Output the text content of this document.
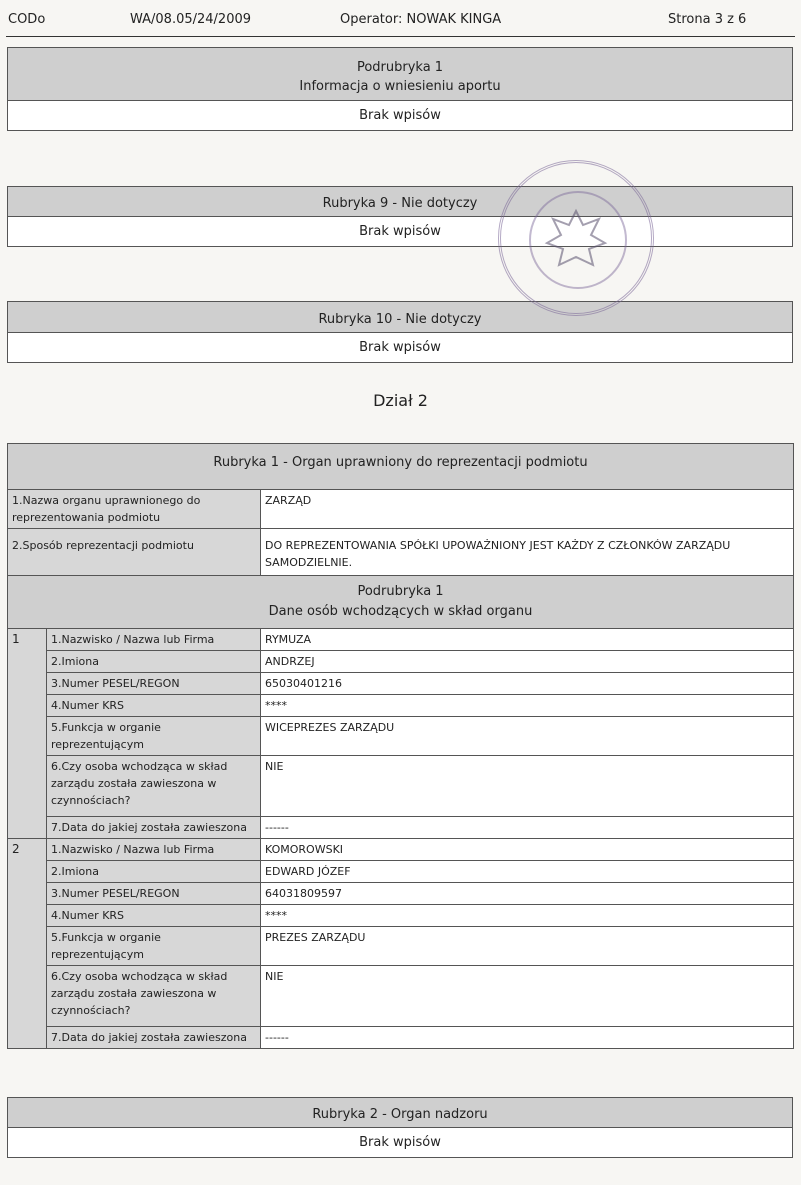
CODo	WA/08.05/24/2009	Operator: NOWAK KINGA	Strona 3 z 6
Podrubryka 1
Informacja o wniesieniu aportu
Brak wpisów
Rubryka 9 - Nie dotyczy
Brak wpisów
Rubryka 10 - Nie dotyczy
Brak wpisów
Dział 2
Rubryka 1 - Organ uprawniony do reprezentacji podmiotu		
1.Nazwa organu uprawnionego do reprezentowania podmiotu		ZARZĄD
2.Sposób reprezentacji podmiotu		DO REPREZENTOWANIA SPÓŁKI UPOWAŻNIONY JEST KAŻDY Z CZŁONKÓW ZARZĄDU SAMODZIELNIE.

Podrubryka 1
Dane osób wchodzących w skład organu		

1	1.Nazwisko / Nazwa lub Firma	RYMUZA
	2.Imiona	ANDRZEJ
	3.Numer PESEL/REGON	65030401216
	4.Numer KRS	****
	5.Funkcja w organie reprezentującym	WICEPREZES ZARZĄDU
	6.Czy osoba wchodząca w skład zarządu została zawieszona w czynnościach?	NIE
	7.Data do jakiej została zawieszona	------
2	1.Nazwisko / Nazwa lub Firma	KOMOROWSKI
	2.Imiona	EDWARD JÓZEF
	3.Numer PESEL/REGON	64031809597
	4.Numer KRS	****
	5.Funkcja w organie reprezentującym	PREZES ZARZĄDU
	6.Czy osoba wchodząca w skład zarządu została zawieszona w czynnościach?	NIE
	7.Data do jakiej została zawieszona	------
Rubryka 2 - Organ nadzoru
Brak wpisów
